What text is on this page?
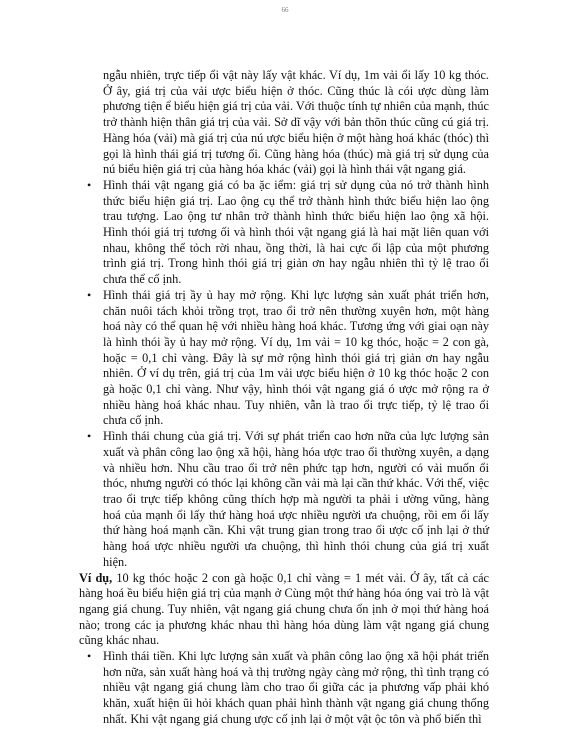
66

ngẫu nhiên, trực tiếp ổi vật này lấy vật khác. Ví dụ, 1m vải ổi lấy 10 kg thóc. Ở ây, giá trị của vải ược biểu hiện ở thóc. Cũng thúc là cói ược dùng làm phương tiện ể biểu hiện giá trị của vải. Với thuộc tính tự nhiên của mạnh, thúc trở thành hiện thân giá trị của vải. Sở dĩ vậy với bản thõn thúc cũng cú giá trị. Hàng hóa (vải) mà giá trị của nú ược biểu hiện ở một hàng hoá khác (thóc) thì gọi là hình thái giá trị tương ối. Cũng hàng hóa (thúc) mà giá trị sử dụng của nú biểu hiện giá trị của hàng hóa khác (vải) gọi là hình thái vật ngang giá.

• Hình thái vật ngang giá có ba ặc iểm: giá trị sử dụng của nó trở thành hình thức biểu hiện giá trị. Lao ộng cụ thể trở thành hình thức biểu hiện lao ộng trau tượng. Lao ộng tư nhân trở thành hình thức biểu hiện lao ộng xã hội. Hình thói giá trị tương ối và hình thói vật ngang giá là hai mặt liên quan với nhau, không thể tỏch rời nhau, ồng thời, là hai cực ối lập của một phương trình giá trị. Trong hình thói giá trị giản ơn hay ngẫu nhiên thì tỷ lệ trao ổi chưa thể cố ịnh.

• Hình thái giá trị ầy ủ hay mở rộng. Khi lực lượng sản xuất phát triển hơn, chăn nuôi tách khỏi trồng trọt, trao ổi trở nên thường xuyên hơn, một hàng hoá này có thể quan hệ với nhiều hàng hoá khác. Tương ứng với giai oạn này là hình thói ầy ủ hay mở rộng. Ví dụ, 1m vải = 10 kg thóc, hoặc = 2 con gà, hoặc = 0,1 chỉ vàng. Đây là sự mở rộng hình thói giá trị giản ơn hay ngẫu nhiên. Ở ví dụ trên, giá trị của 1m vải ược biểu hiện ở 10 kg thóc hoặc 2 con gà hoặc 0,1 chỉ vàng. Như vậy, hình thói vật ngang giá ó ược mở rộng ra ở nhiều hàng hoá khác nhau. Tuy nhiên, vẫn là trao ổi trực tiếp, tỷ lệ trao ổi chưa cố ịnh.

• Hình thái chung của giá trị. Với sự phát triển cao hơn nữa của lực lượng sản xuất và phân công lao ộng xã hội, hàng hóa ược trao ổi thường xuyên, a dạng và nhiều hơn. Nhu cầu trao ổi trở nên phức tạp hơn, người có vải muốn ổi thóc, nhưng người có thóc lại không cần vải mà lại cần thứ khác. Với thế, việc trao ổi trực tiếp không cũng thích hợp mà người ta phải i ường vũng, hàng hoá của mạnh ổi lấy thứ hàng hoá ược nhiều người ưa chuộng, rồi em ổi lấy thứ hàng hoá mạnh cần. Khi vật trung gian trong trao ổi ược cố ịnh lại ở thứ hàng hoá ược nhiều người ưa chuộng, thì hình thói chung của giá trị xuất hiện.

Ví dụ, 10 kg thóc hoặc 2 con gà hoặc 0,1 chỉ vàng = 1 mét vải. Ở ây, tất cả các hàng hoá ều biểu hiện giá trị của mạnh ở Cùng một thứ hàng hóa óng vai trò là vật ngang giá chung. Tuy nhiên, vật ngang giá chung chưa ổn ịnh ở mọi thứ hàng hoá nào; trong các ịa phương khác nhau thì hàng hóa dùng làm vật ngang giá chung cũng khác nhau.

• Hình thái tiền. Khi lực lượng sản xuất và phân công lao ộng xã hội phát triển hơn nữa, sản xuất hàng hoá và thị trường ngày càng mở rộng, thì tình trạng có nhiều vật ngang giá chung làm cho trao ổi giữa các ịa phương vấp phải khó khăn, xuất hiện ũi hỏi khách quan phải hình thành vật ngang giá chung thống nhất. Khi vật ngang giá chung ược cố ịnh lại ở một vật ộc tôn và phổ biến thì
